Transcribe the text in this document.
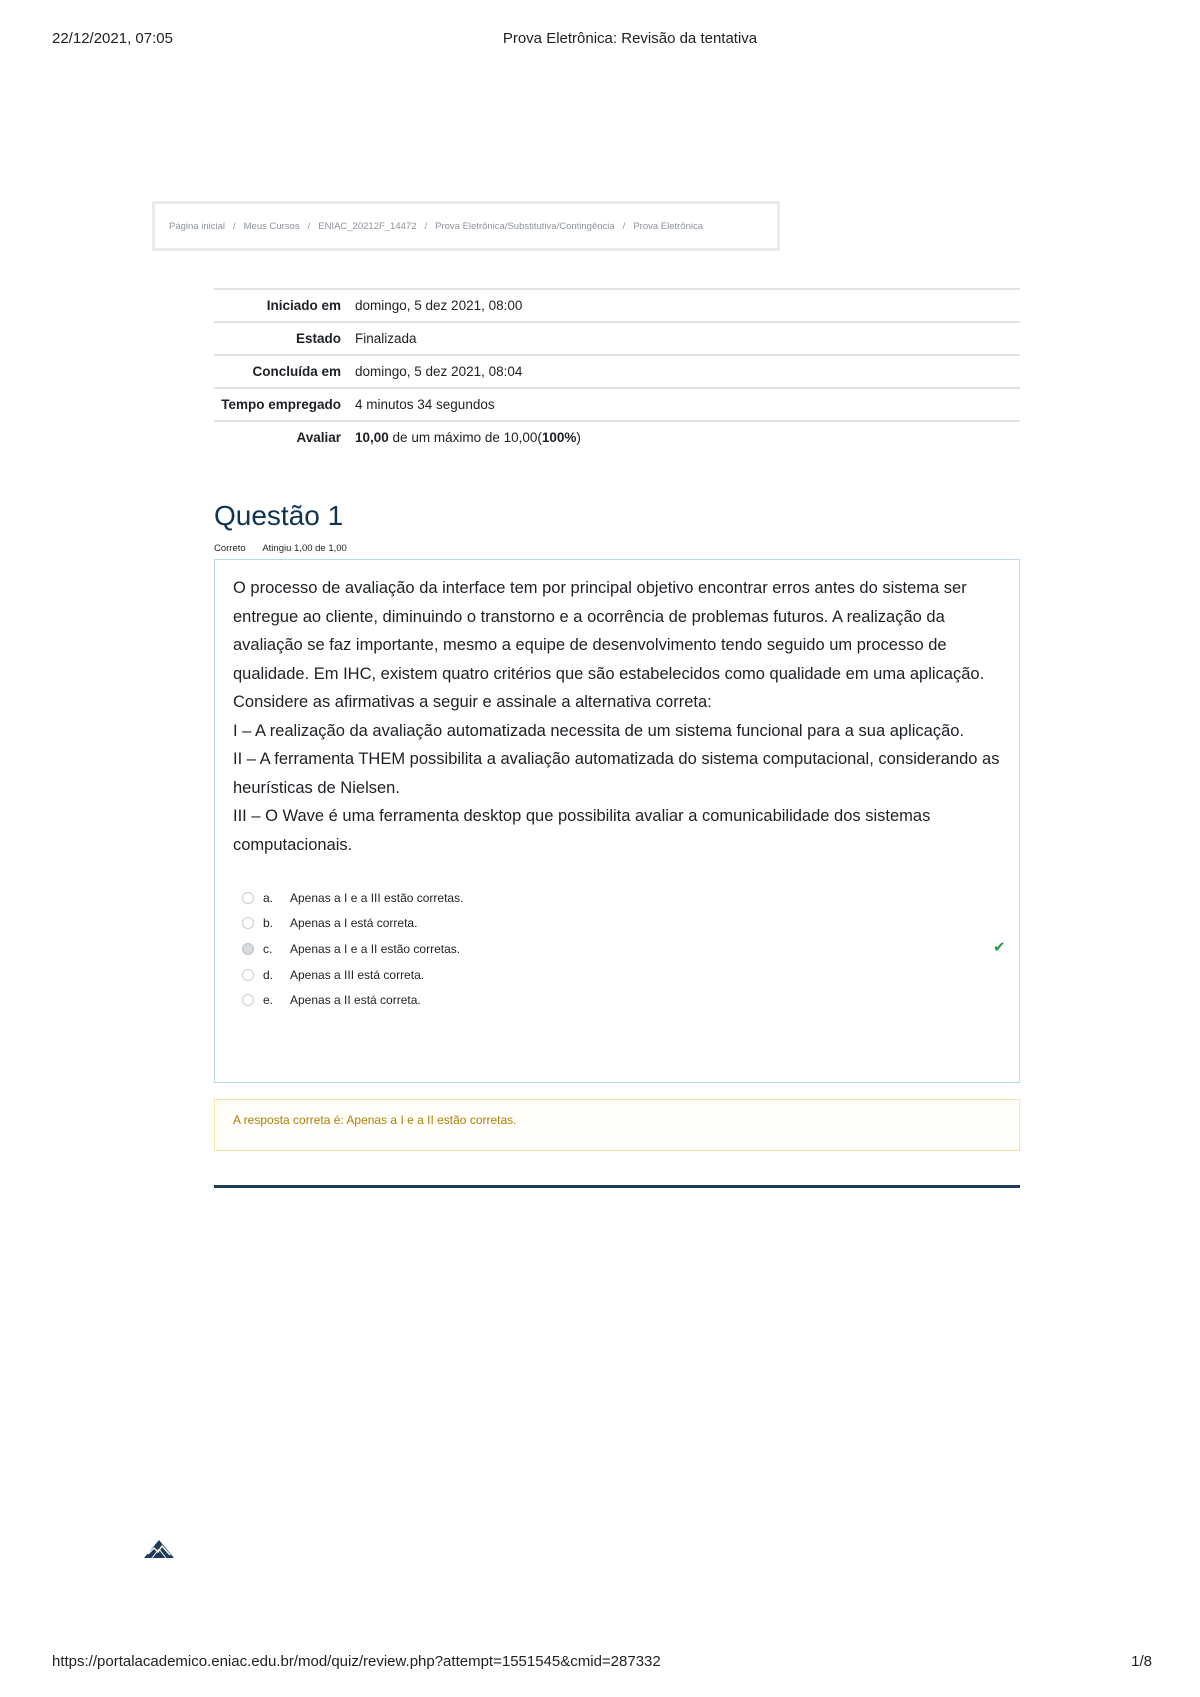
22/12/2021, 07:05	Prova Eletrônica: Revisão da tentativa
Página inicial / Meus Cursos / ENIAC_20212F_14472 / Prova Eletrônica/Substitutiva/Contingência / Prova Eletrônica
Iniciado em	domingo, 5 dez 2021, 08:00
Estado	Finalizada
Concluída em	domingo, 5 dez 2021, 08:04
Tempo empregado	4 minutos 34 segundos
Avaliar	10,00 de um máximo de 10,00(100%)
Questão 1
Correto Atingiu 1,00 de 1,00

O processo de avaliação da interface tem por principal objetivo encontrar erros antes do sistema ser entregue ao cliente, diminuindo o transtorno e a ocorrência de problemas futuros. A realização da avaliação se faz importante, mesmo a equipe de desenvolvimento tendo seguido um processo de qualidade. Em IHC, existem quatro critérios que são estabelecidos como qualidade em uma aplicação. Considere as afirmativas a seguir e assinale a alternativa correta:

I – A realização da avaliação automatizada necessita de um sistema funcional para a sua aplicação.

II – A ferramenta THEM possibilita a avaliação automatizada do sistema computacional, considerando as heurísticas de Nielsen.

III – O Wave é uma ferramenta desktop que possibilita avaliar a comunicabilidade dos sistemas computacionais.

a.	Apenas a I e a III estão corretas.
b.	Apenas a I está correta.
c.	Apenas a I e a II estão corretas.	✔
d.	Apenas a III está correta.
e.	Apenas a II está correta.
A resposta correta é: Apenas a I e a II estão corretas.
https://portalacademico.eniac.edu.br/mod/quiz/review.php?attempt=1551545&cmid=287332	1/8
